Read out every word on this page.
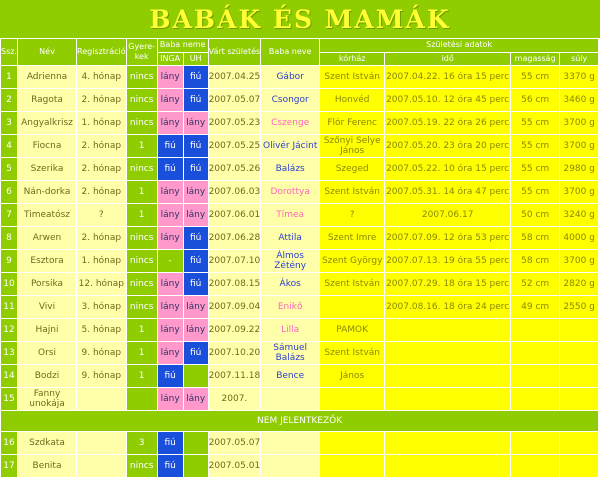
BABÁK ÉS MAMÁK
Ssz.	Név	Regisztráció	Gyere-kek	Baba neme		Várt születés	Baba neve	Születési adatok			
				INGA	UH			kórház	idő	magasság	súly
1	Adrienna	4. hónap	nincs	lány	fiú	2007.04.25	Gábor	Szent István	2007.04.22. 16 óra 15 perc	55 cm	3370 g
2	Ragota	2. hónap	nincs	lány	fiú	2007.05.07	Csongor	Honvéd	2007.05.10. 12 óra 45 perc	56 cm	3460 g
3	Angyalkrisz	1. hónap	nincs	lány	lány	2007.05.23	Cszenge	Flór Ferenc	2007.05.19. 22 óra 26 perc	55 cm	3700 g
4	Fiocna	2. hónap	1	fiú	fiú	2007.05.25	Olivér Jácint	Szőnyi Selye János	2007.05.20. 23 óra 20 perc	55 cm	3700 g
5	Szerika	2. hónap	nincs	fiú	fiú	2007.05.26	Balázs	Szeged	2007.05.22. 10 óra 15 perc	55 cm	2980 g
6	Nán-dorka	2. hónap	1	lány	lány	2007.06.03	Dorottya	Szent István	2007.05.31. 14 óra 47 perc	55 cm	3700 g
7	Timeatósz	?	1	lány	lány	2007.06.01	Tímea	?	2007.06.17	50 cm	3240 g
8	Arwen	2. hónap	nincs	lány	fiú	2007.06.28	Attila	Szent Imre	2007.07.09. 12 óra 53 perc	58 cm	4000 g
9	Esztora	1. hónap	nincs	-	fiú	2007.07.10	Álmos Zétény	Szent György	2007.07.13. 19 óra 55 perc	58 cm	3700 g
10	Porsika	12. hónap	nincs	lány	fiú	2007.08.15	Ákos	Szent István	2007.07.29. 18 óra 15 perc	52 cm	2820 g
11	Vivi	3. hónap	nincs	lány	lány	2007.09.04	Enikő		2007.08.16. 18 óra 24 perc	49 cm	2550 g
12	Hajni	5. hónap	1	lány	lány	2007.09.22	Lilla	PAMOK			
13	Orsi	9. hónap	1	lány	fiú	2007.10.20	Sámuel Balázs	Szent István			
14	Bodzi	9. hónap	1	fiú		2007.11.18	Bence	János			
15	Fanny unokája			lány	lány	2007.					
NEM JELENTKEZŐK											
16	Szdkata		3	fiú		2007.05.07					
17	Benita		nincs	fiú		2007.05.01					
